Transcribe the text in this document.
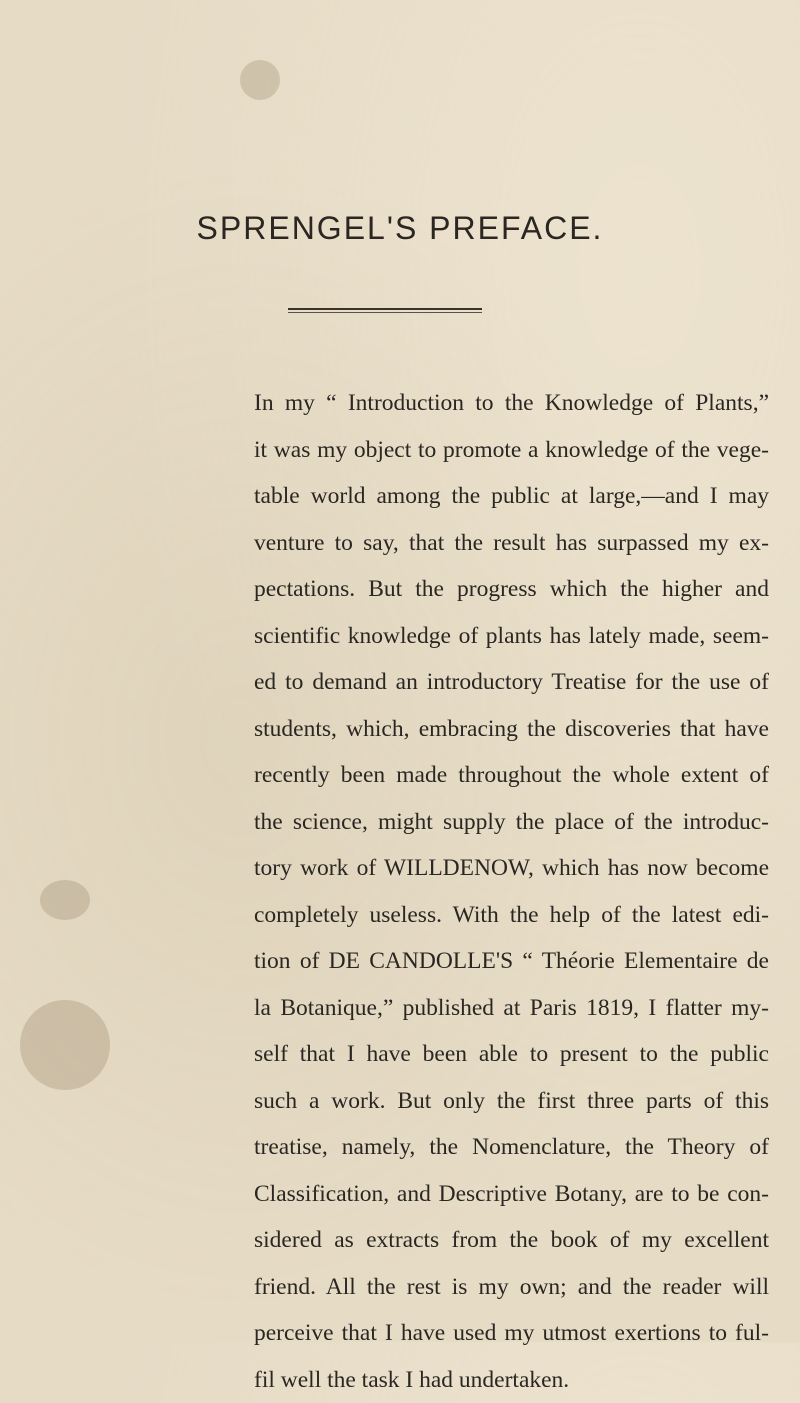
SPRENGEL'S PREFACE.
In my “ Introduction to the Knowledge of Plants,”
it was my object to promote a knowledge of the vege-
table world among the public at large,—and I may
venture to say, that the result has surpassed my ex-
pectations. But the progress which the higher and
scientific knowledge of plants has lately made, seem-
ed to demand an introductory Treatise for the use of
students, which, embracing the discoveries that have
recently been made throughout the whole extent of
the science, might supply the place of the introduc-
tory work of WILLDENOW, which has now become
completely useless. With the help of the latest edi-
tion of DE CANDOLLE'S “ Théorie Elementaire de
la Botanique,” published at Paris 1819, I flatter my-
self that I have been able to present to the public
such a work. But only the first three parts of this
treatise, namely, the Nomenclature, the Theory of
Classification, and Descriptive Botany, are to be con-
sidered as extracts from the book of my excellent
friend. All the rest is my own; and the reader will
perceive that I have used my utmost exertions to ful-
fil well the task I had undertaken.
